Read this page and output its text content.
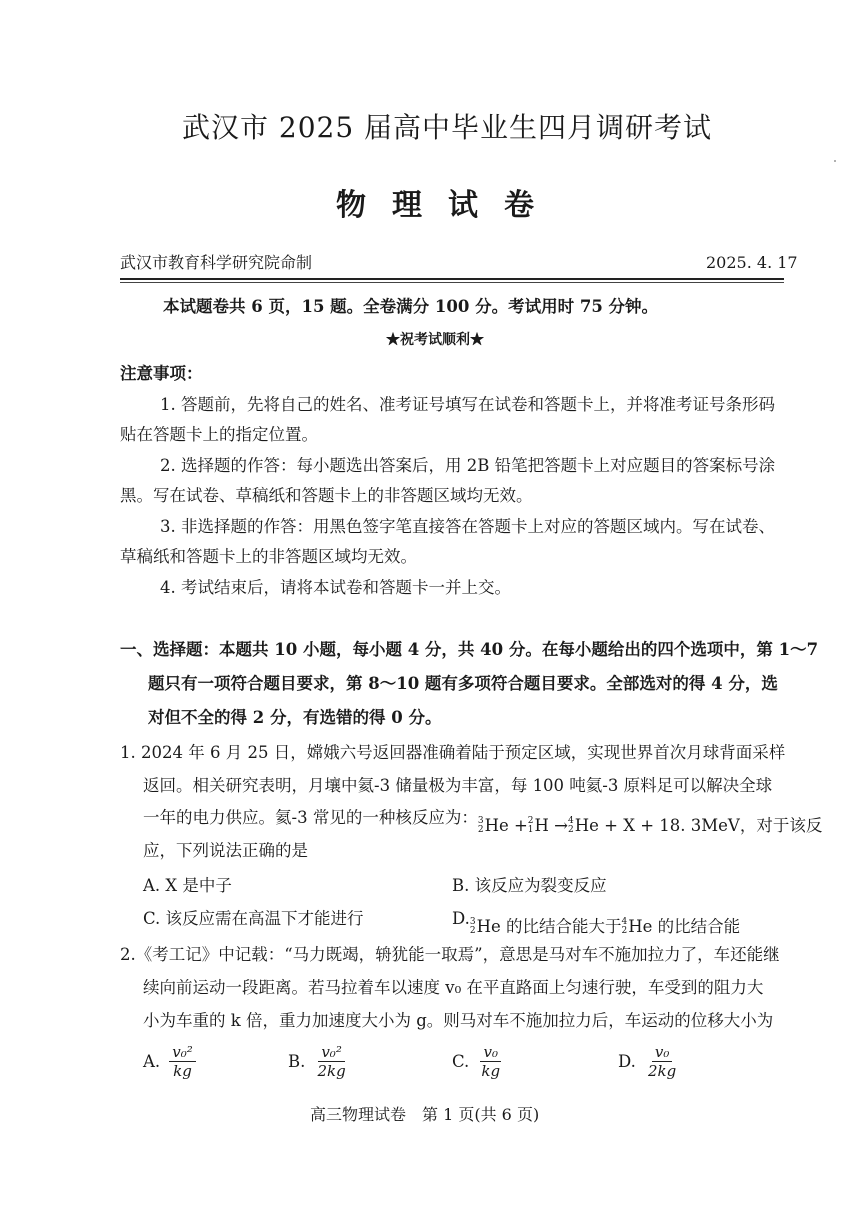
武汉市 2025 届高中毕业生四月调研考试
物理试卷
武汉市教育科学研究院命制	2025. 4. 17
本试题卷共 6 页，15 题。全卷满分 100 分。考试用时 75 分钟。
★祝考试顺利★
注意事项：
1. 答题前，先将自己的姓名、准考证号填写在试卷和答题卡上，并将准考证号条形码
贴在答题卡上的指定位置。
2. 选择题的作答：每小题选出答案后，用 2B 铅笔把答题卡上对应题目的答案标号涂
黑。写在试卷、草稿纸和答题卡上的非答题区域均无效。
3. 非选择题的作答：用黑色签字笔直接答在答题卡上对应的答题区域内。写在试卷、
草稿纸和答题卡上的非答题区域均无效。
4. 考试结束后，请将本试卷和答题卡一并上交。
一、选择题：本题共 10 小题，每小题 4 分，共 40 分。在每小题给出的四个选项中，第 1～7
题只有一项符合题目要求，第 8～10 题有多项符合题目要求。全部选对的得 4 分，选
对但不全的得 2 分，有选错的得 0 分。
1. 2024 年 6 月 25 日，嫦娥六号返回器准确着陆于预定区域，实现世界首次月球背面采样
返回。相关研究表明，月壤中氦-3 储量极为丰富，每 100 吨氦-3 原料足可以解决全球
一年的电力供应。氦-3 常见的一种核反应为： 3
2 He + 2
1 H → 4
2 He + X + 18. 3MeV，对于该反
应，下列说法正确的是
A. X 是中子	B. 该反应为裂变反应
C. 该反应需在高温下才能进行	D. 3
2 He 的比结合能大于 4
2 He 的比结合能
2.《考工记》中记载：“马力既竭，辀犹能一取焉”，意思是马对车不施加拉力了，车还能继
续向前运动一段距离。若马拉着车以速度 v₀ 在平直路面上匀速行驶，车受到的阻力大
小为车重的 k 倍，重力加速度大小为 g。则马对车不施加拉力后，车运动的位移大小为
A. $\frac{\text{v₀²}}{kg}$	B. $\frac{\text{v₀²}}{2kg}$	C. $\frac{\text{v₀}}{kg}$	D. $\frac{\text{v₀}}{2kg}$
高三物理试卷　第 1 页(共 6 页)
